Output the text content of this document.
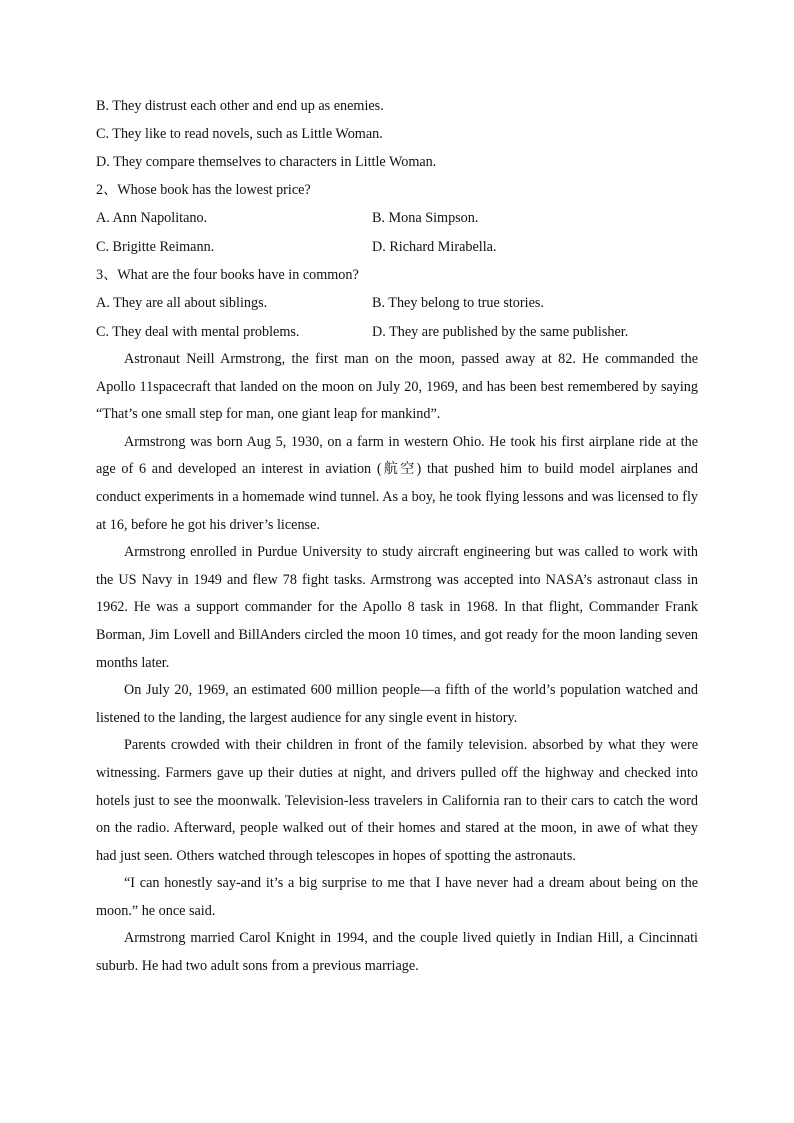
B. They distrust each other and end up as enemies.
C. They like to read novels, such as Little Woman.
D. They compare themselves to characters in Little Woman.
2、Whose book has the lowest price?
A. Ann Napolitano.	B. Mona Simpson.
C. Brigitte Reimann.	D. Richard Mirabella.
3、What are the four books have in common?
A. They are all about siblings.	B. They belong to true stories.
C. They deal with mental problems.	D. They are published by the same publisher.

Astronaut Neill Armstrong, the first man on the moon, passed away at 82. He commanded the Apollo 11spacecraft that landed on the moon on July 20, 1969, and has been best remembered by saying “That’s one small step for man, one giant leap for mankind”.

Armstrong was born Aug 5, 1930, on a farm in western Ohio. He took his first airplane ride at the age of 6 and developed an interest in aviation (航空) that pushed him to build model airplanes and conduct experiments in a homemade wind tunnel. As a boy, he took flying lessons and was licensed to fly at 16, before he got his driver’s license.

Armstrong enrolled in Purdue University to study aircraft engineering but was called to work with the US Navy in 1949 and flew 78 fight tasks. Armstrong was accepted into NASA’s astronaut class in 1962. He was a support commander for the Apollo 8 task in 1968. In that flight, Commander Frank Borman, Jim Lovell and BillAnders circled the moon 10 times, and got ready for the moon landing seven months later.

On July 20, 1969, an estimated 600 million people—a fifth of the world’s population watched and listened to the landing, the largest audience for any single event in history.

Parents crowded with their children in front of the family television. absorbed by what they were witnessing. Farmers gave up their duties at night, and drivers pulled off the highway and checked into hotels just to see the moonwalk. Television-less travelers in California ran to their cars to catch the word on the radio. Afterward, people walked out of their homes and stared at the moon, in awe of what they had just seen. Others watched through telescopes in hopes of spotting the astronauts.

“I can honestly say-and it’s a big surprise to me that I have never had a dream about being on the moon.” he once said.

Armstrong married Carol Knight in 1994, and the couple lived quietly in Indian Hill, a Cincinnati suburb. He had two adult sons from a previous marriage.
